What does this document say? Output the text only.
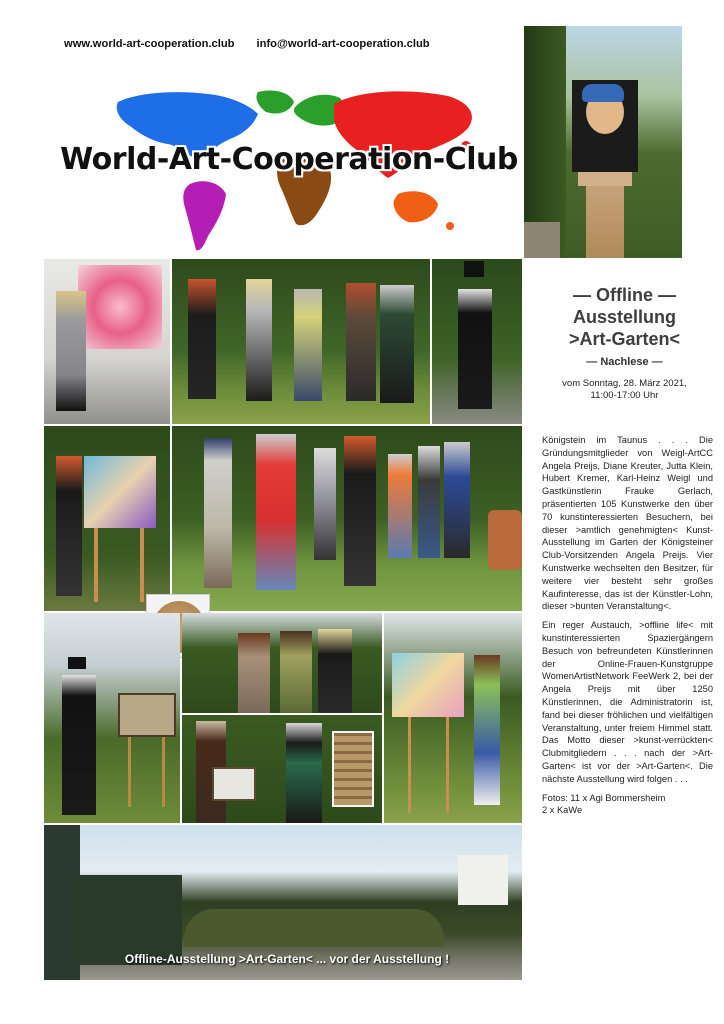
www.world-art-cooperation.club info@world-art-cooperation.club
World-Art-Cooperation-Club
Offline-Ausstellung >Art-Garten< ... vor der Ausstellung !
— Offline —
Ausstellung
>Art-Garten<
— Nachlese —
vom Sonntag, 28. März 2021,
11:00-17:00 Uhr

Königstein im Taunus . . . Die Gründungsmitglieder von Weigl-ArtCC Angela Preijs, Diane Kreuter, Jutta Klein, Hubert Kremer, Karl-Heinz Weigl und Gastkünstlerin Frauke Gerlach, präsentierten 105 Kunstwerke den über 70 kunstinteressierten Besuchern, bei dieser >amtlich genehmigten< Kunst-Ausstellung im Garten der Königsteiner Club-Vorsitzenden Angela Preijs. Vier Kunstwerke wechselten den Besitzer, für weitere vier besteht sehr großes Kaufinteresse, das ist der Künstler-Lohn, dieser >bunten Veranstaltung<.

Ein reger Austauch, >offline life< mit kunstinteressierten Spaziergängern Besuch von befreundeten Künstlerinnen der Online-Frauen-Kunstgruppe WomenArtistNetwork FeeWerk 2, bei der Angela Preijs mit über 1250 Künstlerinnen, die Administratorin ist, fand bei dieser fröhlichen und vielfältigen Veranstaltung, unter freiem Himmel statt. Das Motto dieser >kunst-verrückten< Clubmitgliedern . . . nach der >Art-Garten< ist vor der >Art-Garten<. Die nächste Ausstellung wird folgen . . .

Fotos: 11 x Agi Bommersheim
2 x KaWe
